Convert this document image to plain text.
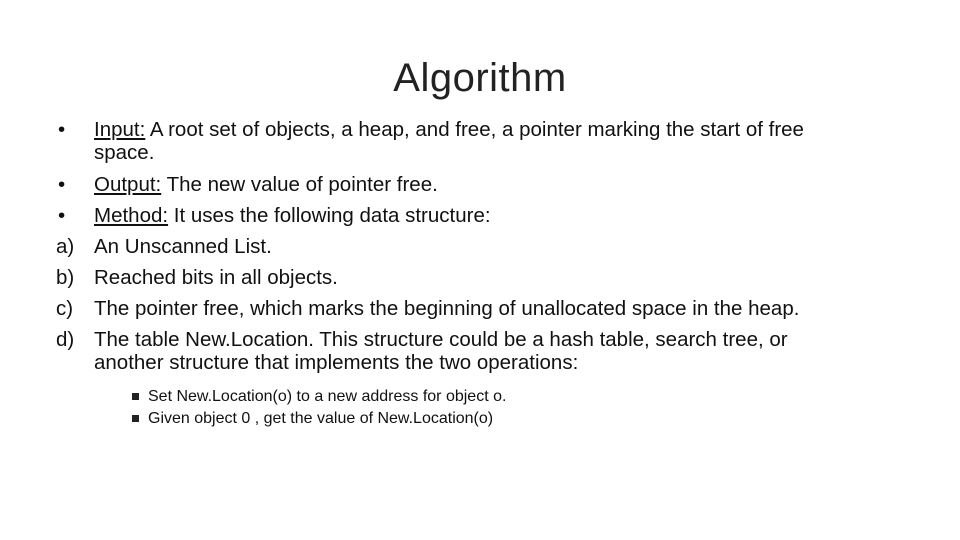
Algorithm
•	Input: A root set of objects, a heap, and free, a pointer marking the start of free space.
•	Output: The new value of pointer free.
•	Method: It uses the following data structure:
a) An Unscanned List.
b) Reached bits in all objects.
c)	The pointer free, which marks the beginning of unallocated space in the heap.
d) The table New.Location. This structure could be a hash table, search tree, or another structure that implements the two operations:
Set New.Location(o) to a new address for object o.
Given object 0 , get the value of New.Location(o)
